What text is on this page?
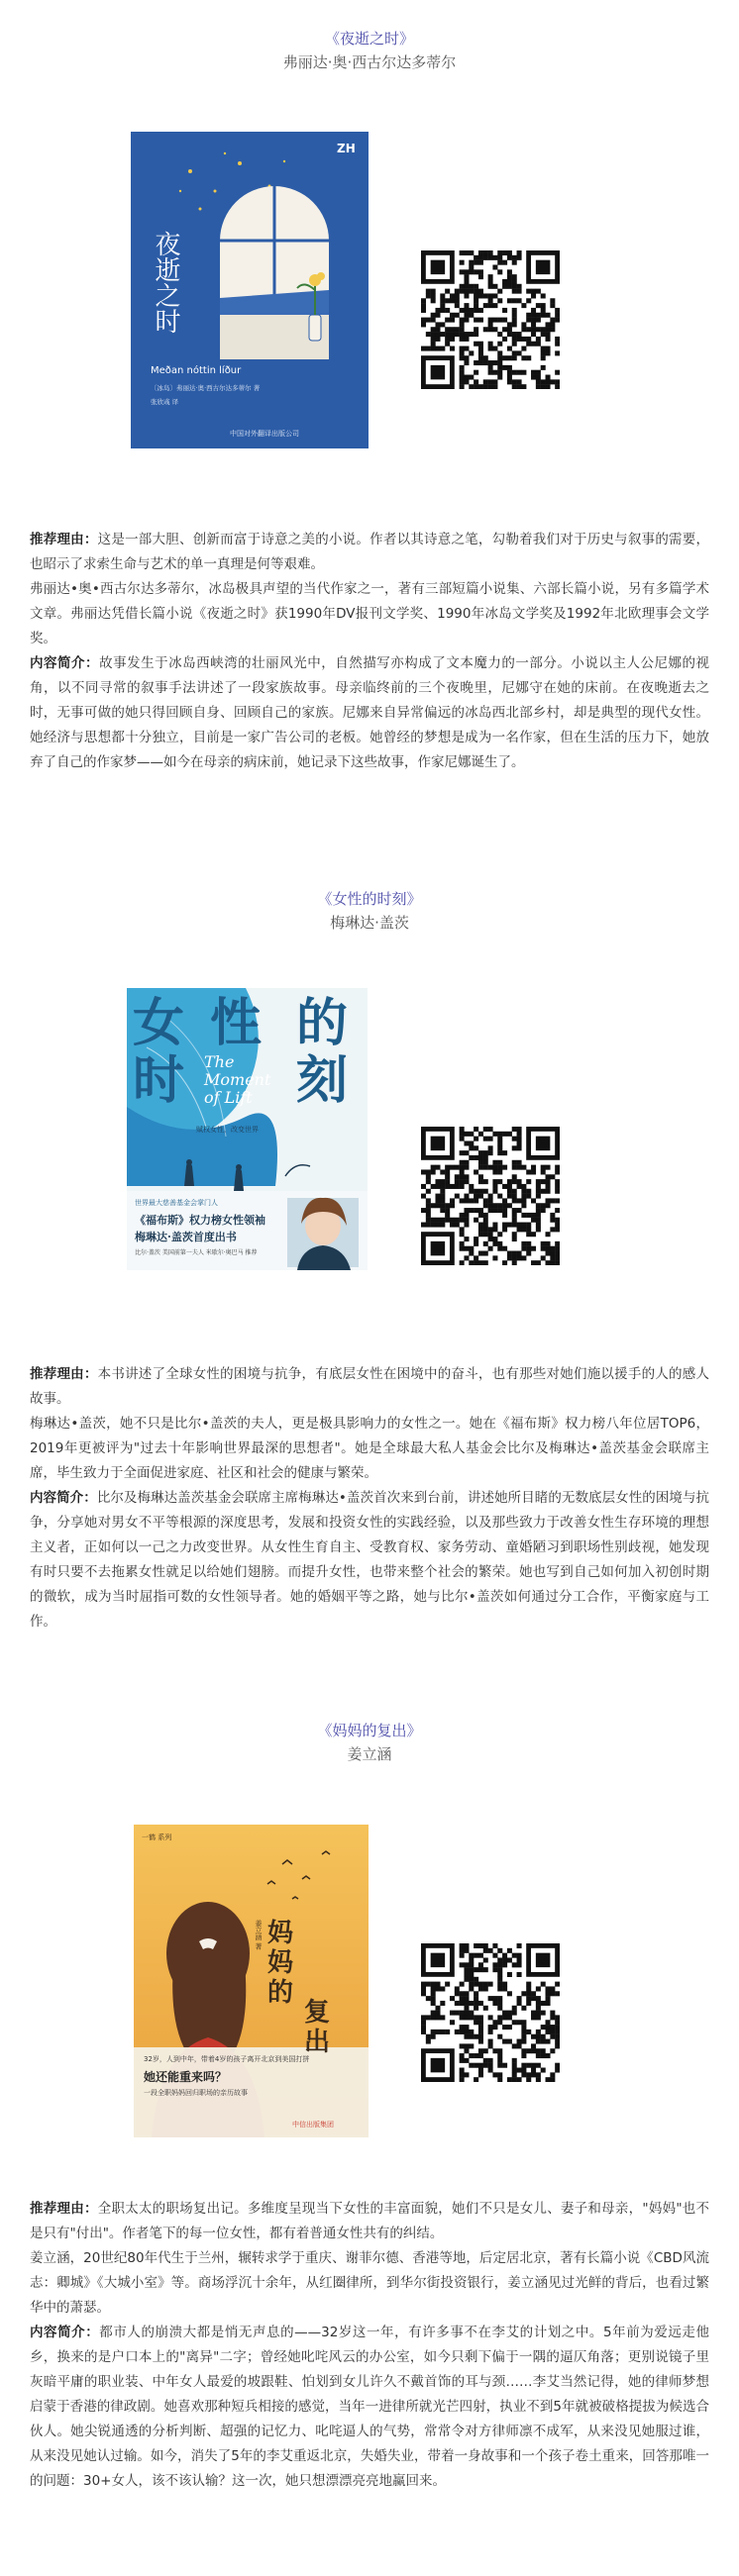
《夜逝之时》
弗丽达·奥·西古尔达多蒂尔
ZH
夜逝之时
Meðan nóttin líður
〔冰岛〕弗丽达·奥·西古尔达多蒂尔 著
张欣彧 译
中国对外翻译出版公司

推荐理由：这是一部大胆、创新而富于诗意之美的小说。作者以其诗意之笔，勾勒着我们对于历史与叙事的需要，也昭示了求索生命与艺术的单一真理是何等艰难。

弗丽达•奥•西古尔达多蒂尔，冰岛极具声望的当代作家之一，著有三部短篇小说集、六部长篇小说，另有多篇学术文章。弗丽达凭借长篇小说《夜逝之时》获1990年DV报刊文学奖、1990年冰岛文学奖及1992年北欧理事会文学奖。

内容简介：故事发生于冰岛西峡湾的壮丽风光中，自然描写亦构成了文本魔力的一部分。小说以主人公尼娜的视角，以不同寻常的叙事手法讲述了一段家族故事。母亲临终前的三个夜晚里，尼娜守在她的床前。在夜晚逝去之时，无事可做的她只得回顾自身、回顾自己的家族。尼娜来自异常偏远的冰岛西北部乡村，却是典型的现代女性。她经济与思想都十分独立，目前是一家广告公司的老板。她曾经的梦想是成为一名作家，但在生活的压力下，她放弃了自己的作家梦——如今在母亲的病床前，她记录下这些故事，作家尼娜诞生了。

《女性的时刻》
梅琳达·盖茨
女 性 的
时 刻
The Moment of Lift
赋权女性，改变世界
世界最大慈善基金会掌门人
《福布斯》权力榜女性领袖
梅琳达·盖茨首度出书
比尔·盖茨 美国前第一夫人 米歇尔·奥巴马 推荐

推荐理由：本书讲述了全球女性的困境与抗争，有底层女性在困境中的奋斗，也有那些对她们施以援手的人的感人故事。

梅琳达•盖茨，她不只是比尔•盖茨的夫人，更是极具影响力的女性之一。她在《福布斯》权力榜八年位居TOP6，2019年更被评为"过去十年影响世界最深的思想者"。她是全球最大私人基金会比尔及梅琳达•盖茨基金会联席主席，毕生致力于全面促进家庭、社区和社会的健康与繁荣。

内容简介：比尔及梅琳达盖茨基金会联席主席梅琳达•盖茨首次来到台前，讲述她所目睹的无数底层女性的困境与抗争，分享她对男女不平等根源的深度思考，发展和投资女性的实践经验，以及那些致力于改善女性生存环境的理想主义者，正如何以一己之力改变世界。从女性生育自主、受教育权、家务劳动、童婚陋习到职场性别歧视，她发现有时只要不去拖累女性就足以给她们翅膀。而提升女性，也带来整个社会的繁荣。她也写到自己如何加入初创时期的微软，成为当时屈指可数的女性领导者。她的婚姻平等之路，她与比尔•盖茨如何通过分工合作，平衡家庭与工作。

《妈妈的复出》
姜立涵
一鹤 系列
妈
妈
的
复
出
姜立涵 著
32岁，人到中年，带着4岁的孩子离开北京到美国打拼
她还能重来吗？
一段全职妈妈回归职场的亲历故事
中信出版集团

推荐理由：全职太太的职场复出记。多维度呈现当下女性的丰富面貌，她们不只是女儿、妻子和母亲，"妈妈"也不是只有"付出"。作者笔下的每一位女性，都有着普通女性共有的纠结。

姜立涵，20世纪80年代生于兰州，辗转求学于重庆、谢菲尔德、香港等地，后定居北京，著有长篇小说《CBD风流志：卿城》《大城小室》等。商场浮沉十余年，从红圈律所，到华尔街投资银行，姜立涵见过光鲜的背后，也看过繁华中的萧瑟。

内容简介：都市人的崩溃大都是悄无声息的——32岁这一年，有许多事不在李艾的计划之中。5年前为爱远走他乡，换来的是户口本上的"离异"二字；曾经她叱咤风云的办公室，如今只剩下偏于一隅的逼仄角落；更别说镜子里灰暗平庸的职业装、中年女人最爱的坡跟鞋、怕划到女儿许久不戴首饰的耳与颈……李艾当然记得，她的律师梦想启蒙于香港的律政剧。她喜欢那种短兵相接的感觉，当年一进律所就光芒四射，执业不到5年就被破格提拔为候选合伙人。她尖锐通透的分析判断、超强的记忆力、叱咤逼人的气势，常常令对方律师凛不成军，从来没见她服过谁，从来没见她认过输。如今，消失了5年的李艾重返北京，失婚失业，带着一身故事和一个孩子卷土重来，回答那唯一的问题：30+女人，该不该认输？这一次，她只想漂漂亮亮地赢回来。
